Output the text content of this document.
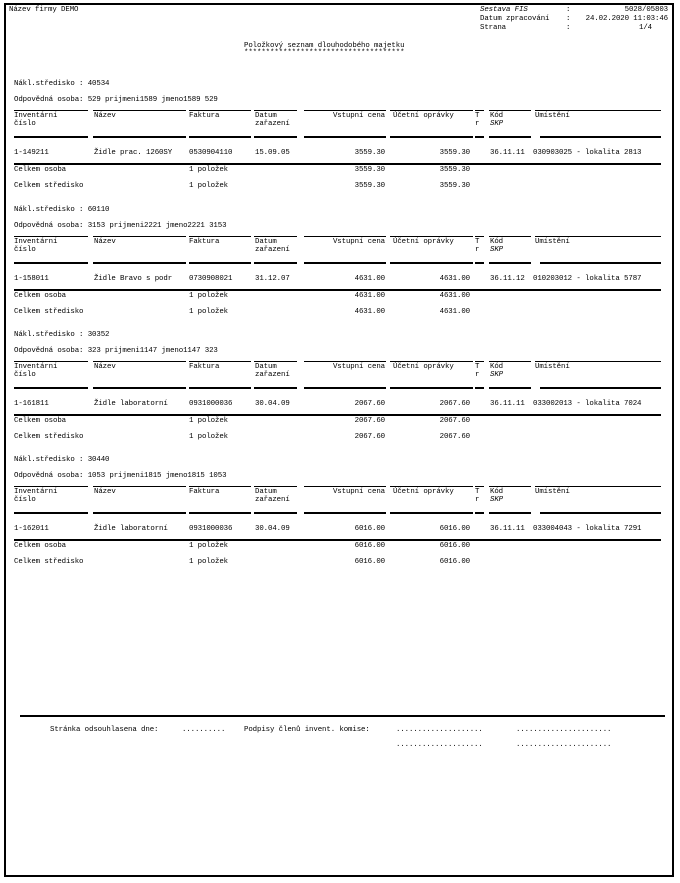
Název firmy DEMO	Sestava FIS	:	5028/05803
Datum zpracování :	24.02.2020 11:03:46
Strana	:	1/4
Položkový seznam dlouhodobého majetku
*************************************
Nákl.středisko : 40534
Odpovědná osoba: 529 prijmeni1589 jmeno1589 529
Inventární
číslo
Název	Faktura	Datum
zařazení
Vstupní cena Účetní oprávky	T
r
Kód
SKP
Umístění
1-149211	Židle prac. 1260SY 0530904110	15.09.05	3559.30	3559.30	36.11.11 030903025 - lokalita 2813
Celkem osoba	1 položek	3559.30	3559.30
Celkem středisko	1 položek	3559.30	3559.30
Nákl.středisko : 60110
Odpovědná osoba: 3153 prijmeni2221 jmeno2221 3153
Inventární
číslo
Název	Faktura	Datum
zařazení
Vstupní cena Účetní oprávky	T
r
Kód
SKP
Umístění
1-158011	Židle Bravo s podr 0730908021	31.12.07	4631.00	4631.00	36.11.12 010203012 - lokalita 5787
Celkem osoba	1 položek	4631.00	4631.00
Celkem středisko	1 položek	4631.00	4631.00
Nákl.středisko : 30352
Odpovědná osoba: 323 prijmeni1147 jmeno1147 323
Inventární
číslo
Název	Faktura	Datum
zařazení
Vstupní cena Účetní oprávky	T
r
Kód
SKP
Umístění
1-161811	Židle laboratorní	0931000036	30.04.09	2067.60	2067.60	36.11.11 033002013 - lokalita 7024
Celkem osoba	1 položek	2067.60	2067.60
Celkem středisko	1 položek	2067.60	2067.60
Nákl.středisko : 30440
Odpovědná osoba: 1053 prijmeni1815 jmeno1815 1053
Inventární
číslo
Název	Faktura	Datum
zařazení
Vstupní cena Účetní oprávky	T
r
Kód
SKP
Umístění
1-162011	Židle laboratorní	0931000036	30.04.09	6016.00	6016.00	36.11.11 033004043 - lokalita 7291
Celkem osoba	1 položek	6016.00	6016.00
Celkem středisko	1 položek	6016.00	6016.00
Stránka odsouhlasena dne:	..........	Podpisy členů invent. komise:	....................	......................
....................	......................
